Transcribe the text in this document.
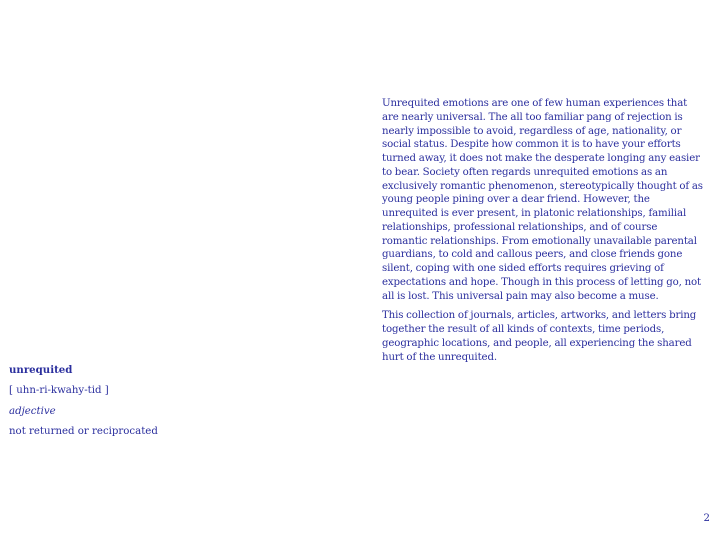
Unrequited emotions are one of few human experiences that are nearly universal. The all too familiar pang of rejection is nearly impossible to avoid, regardless of age, nationality, or social status. Despite how common it is to have your efforts turned away, it does not make the desperate longing any easier to bear. Society often regards unrequited emotions as an exclusively romantic phenomenon, stereotypically thought of as young people pining over a dear friend. However, the unrequited is ever present, in platonic relationships, familial relationships, professional relationships, and of course romantic relationships. From emotionally unavailable parental guardians, to cold and callous peers, and close friends gone silent, coping with one sided efforts requires grieving of expectations and hope. Though in this process of letting go, not all is lost. This universal pain may also become a muse.

This collection of journals, articles, artworks, and letters bring together the result of all kinds of contexts, time periods, geographic locations, and people, all experiencing the shared hurt of the unrequited.

unrequited
[ uhn-ri-kwahy-tid ]
adjective
not returned or reciprocated
2
